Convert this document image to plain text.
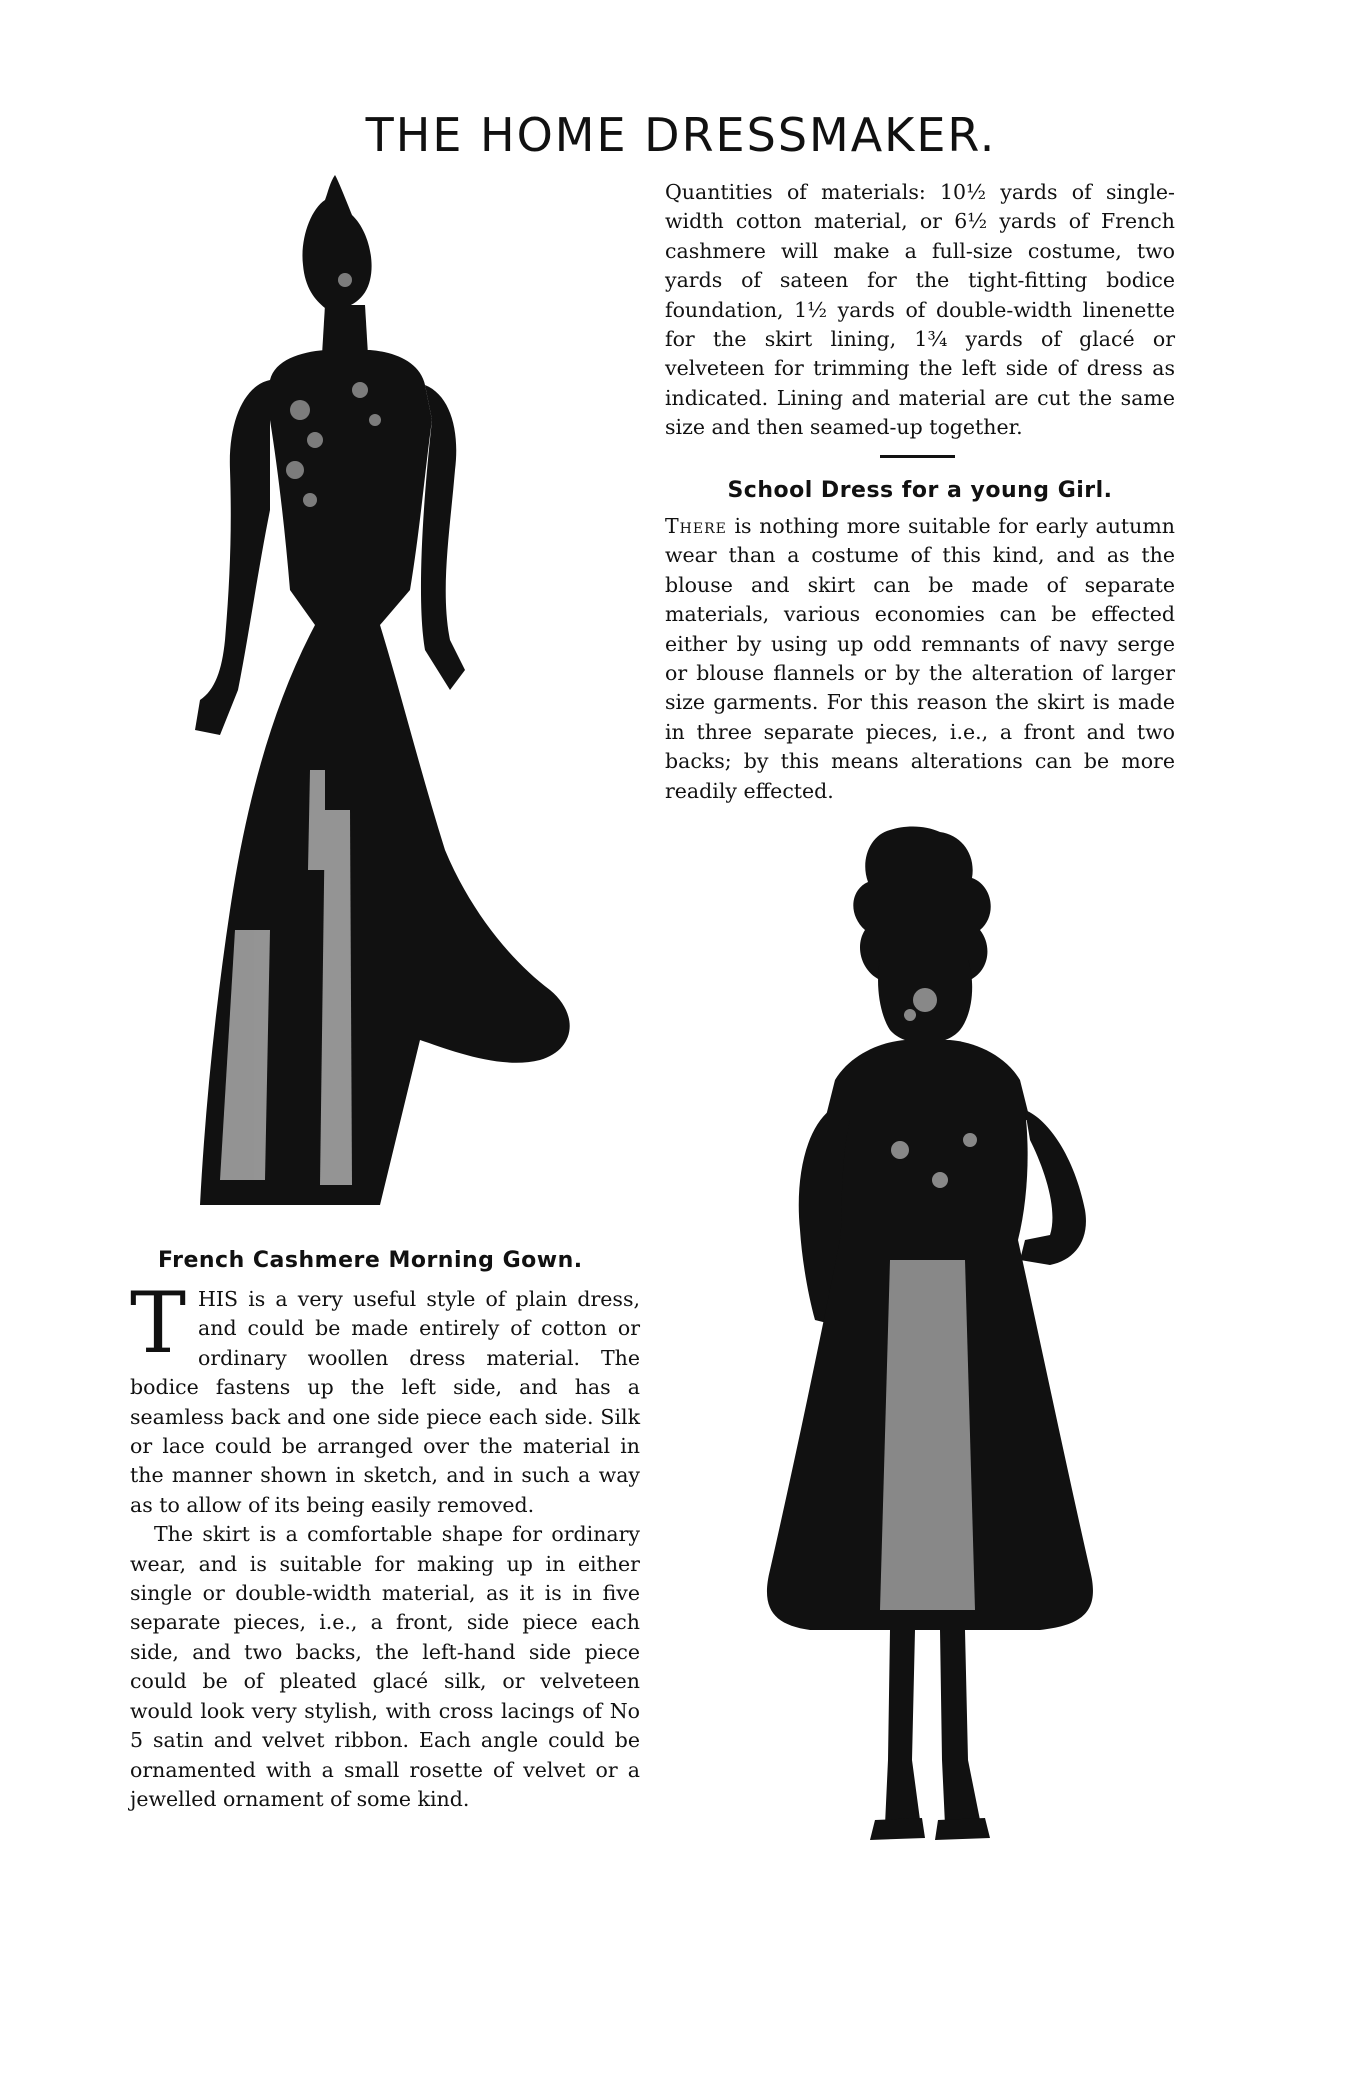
THE HOME DRESSMAKER.

Quantities of materials: 10½ yards of single-width cotton material, or 6½ yards of French cashmere will make a full-size costume, two yards of sateen for the tight-fitting bodice foundation, 1½ yards of double-width linenette for the skirt lining, 1¾ yards of glacé or velveteen for trimming the left side of dress as indicated. Lining and material are cut the same size and then seamed-up together.

School Dress for a young Girl.

There is nothing more suitable for early autumn wear than a costume of this kind, and as the blouse and skirt can be made of separate materials, various economies can be effected either by using up odd remnants of navy serge or blouse flannels or by the alteration of larger size garments. For this reason the skirt is made in three separate pieces, i.e., a front and two backs; by this means alterations can be more readily effected.

French Cashmere Morning Gown.

THIS is a very useful style of plain dress, and could be made entirely of cotton or ordinary woollen dress material. The bodice fastens up the left side, and has a seamless back and one side piece each side. Silk or lace could be arranged over the material in the manner shown in sketch, and in such a way as to allow of its being easily removed.

The skirt is a comfortable shape for ordinary wear, and is suitable for making up in either single or double-width material, as it is in five separate pieces, i.e., a front, side piece each side, and two backs, the left-hand side piece could be of pleated glacé silk, or velveteen would look very stylish, with cross lacings of No 5 satin and velvet ribbon. Each angle could be ornamented with a small rosette of velvet or a jewelled ornament of some kind.
